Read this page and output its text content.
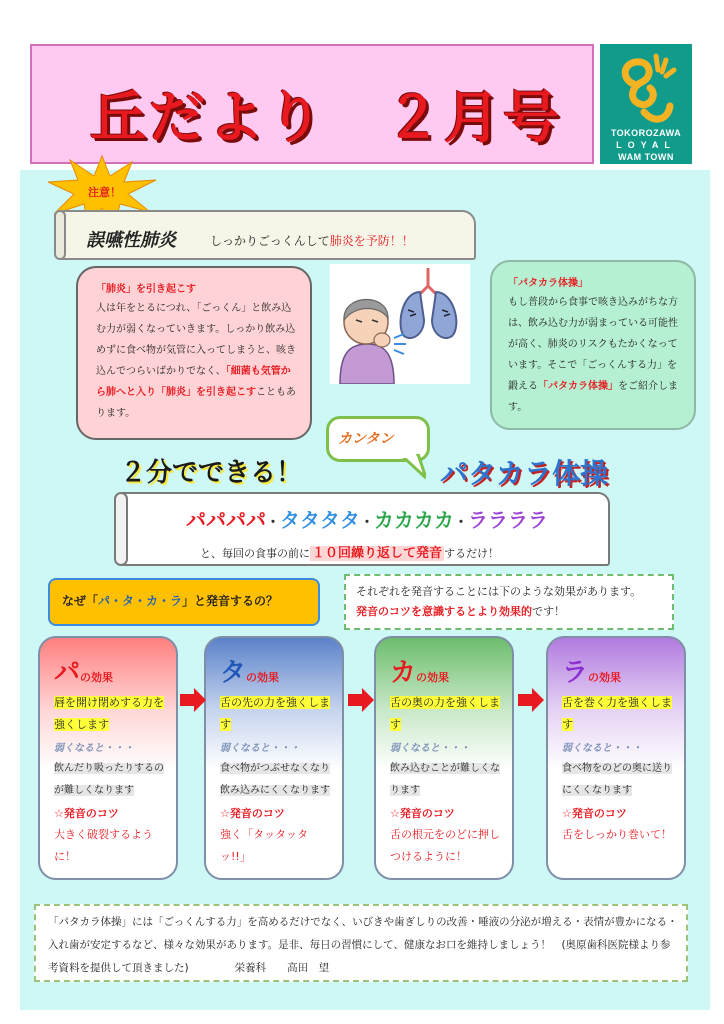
丘だより　２月号	TOKOROZAWA
LOYAL
WAM TOWN
注意！
誤嚥性肺炎	しっかりごっくんして肺炎を予防！！
「肺炎」を引き起こす
人は年をとるにつれ、「ごっくん」と飲み込む力が弱くなっていきます。しっかり飲み込めずに食べ物が気管に入ってしまうと、咳き込んでつらいばかりでなく、「細菌も気管から肺へと入り「肺炎」を引き起こすこともあります。
「パタカラ体操」
もし普段から食事で咳き込みがちな方は、飲み込む力が弱まっている可能性が高く、肺炎のリスクもたかくなっています。そこで「ごっくんする力」を鍛える「パタカラ体操」をご紹介します。
カンタン
２分でできる！	パタカラ体操
パパパパ・タタタタ・カカカカ・ララララ
と、毎回の食事の前に １０回繰り返して発音 するだけ！
なぜ「パ・タ・カ・ラ」と発音するの？
それぞれを発音することには下のような効果があります。
発音のコツを意識するとより効果的です！
パの効果
唇を開け閉めする力を強くします
弱くなると・・・
飲んだり吸ったりするのが難しくなります
☆発音のコツ
大きく破裂するように！
タの効果
舌の先の力を強くします
弱くなると・・・
食べ物がつぶせなくなり飲み込みにくくなります
☆発音のコツ
強く「タッタッタッ!!」
カの効果
舌の奥の力を強くします
弱くなると・・・
飲み込むことが難しくなります
☆発音のコツ
舌の根元をのどに押しつけるように！
ラの効果
舌を巻く力を強くします
弱くなると・・・
食べ物をのどの奥に送りにくくなります
☆発音のコツ
舌をしっかり巻いて！
「パタカラ体操」には「ごっくんする力」を高めるだけでなく、いびきや歯ぎしりの改善・唾液の分泌が増える・表情が豊かになる・入れ歯が安定するなど、様々な効果があります。是非、毎日の習慣にして、健康なお口を維持しましょう！　(奥原歯科医院様より参考資料を提供して頂きました)	栄養科　　高田　望
